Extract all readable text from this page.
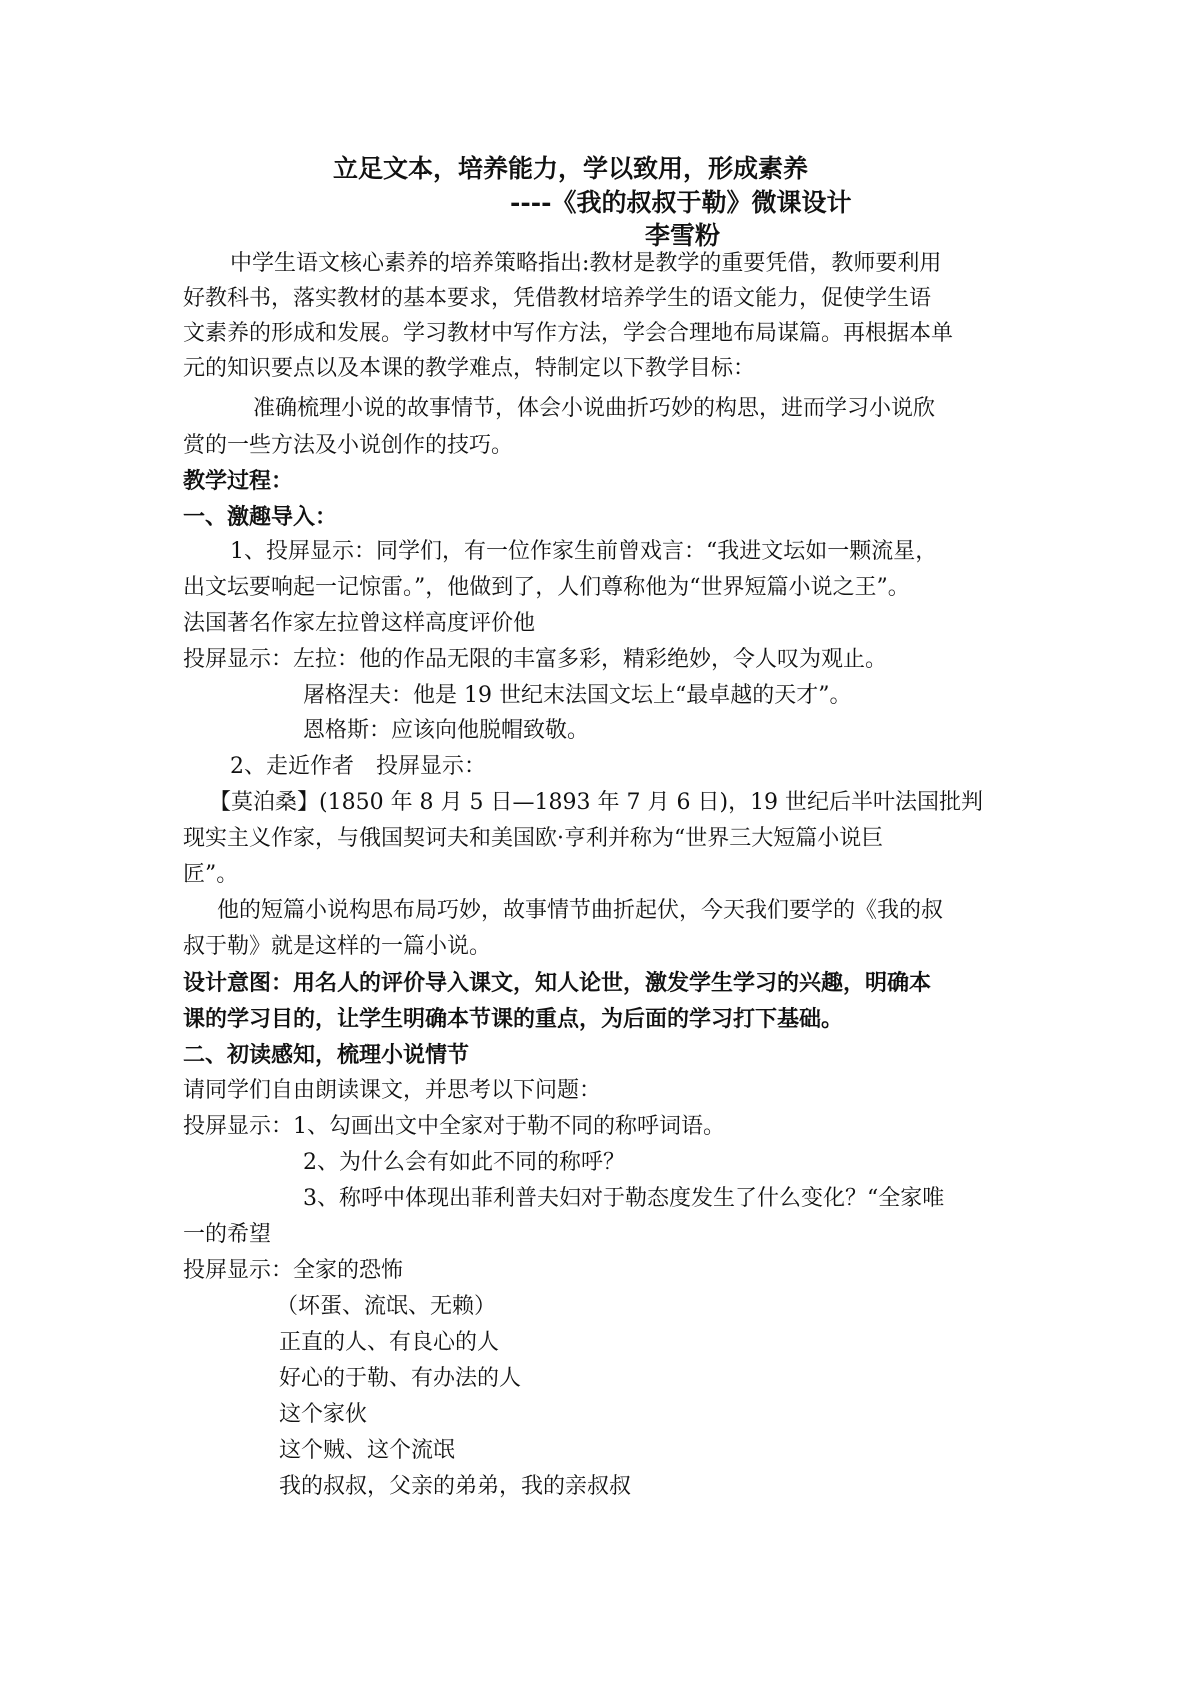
立足文本，培养能力，学以致用，形成素养
----《我的叔叔于勒》微课设计
李雪粉
中学生语文核心素养的培养策略指出:教材是教学的重要凭借，教师要利用
好教科书，落实教材的基本要求，凭借教材培养学生的语文能力，促使学生语
文素养的形成和发展。学习教材中写作方法，学会合理地布局谋篇。再根据本单
元的知识要点以及本课的教学难点，特制定以下教学目标：
准确梳理小说的故事情节，体会小说曲折巧妙的构思，进而学习小说欣
赏的一些方法及小说创作的技巧。
教学过程：
一、激趣导入：
1、投屏显示：同学们，有一位作家生前曾戏言：“我进文坛如一颗流星，
出文坛要响起一记惊雷。”，他做到了，人们尊称他为“世界短篇小说之王”。
法国著名作家左拉曾这样高度评价他
投屏显示：左拉：他的作品无限的丰富多彩，精彩绝妙，令人叹为观止。
屠格涅夫：他是 19 世纪末法国文坛上“最卓越的天才”。
恩格斯：应该向他脱帽致敬。
2、走近作者　投屏显示：
【莫泊桑】(1850 年 8 月 5 日—1893 年 7 月 6 日)，19 世纪后半叶法国批判
现实主义作家，与俄国契诃夫和美国欧·亨利并称为“世界三大短篇小说巨
匠”。
他的短篇小说构思布局巧妙，故事情节曲折起伏，今天我们要学的《我的叔
叔于勒》就是这样的一篇小说。
设计意图：用名人的评价导入课文，知人论世，激发学生学习的兴趣，明确本
课的学习目的，让学生明确本节课的重点，为后面的学习打下基础。
二、初读感知，梳理小说情节
请同学们自由朗读课文，并思考以下问题：
投屏显示：1、勾画出文中全家对于勒不同的称呼词语。
2、为什么会有如此不同的称呼？
3、称呼中体现出菲利普夫妇对于勒态度发生了什么变化？“全家唯
一的希望
投屏显示：全家的恐怖
（坏蛋、流氓、无赖）
正直的人、有良心的人
好心的于勒、有办法的人
这个家伙
这个贼、这个流氓
我的叔叔，父亲的弟弟，我的亲叔叔
